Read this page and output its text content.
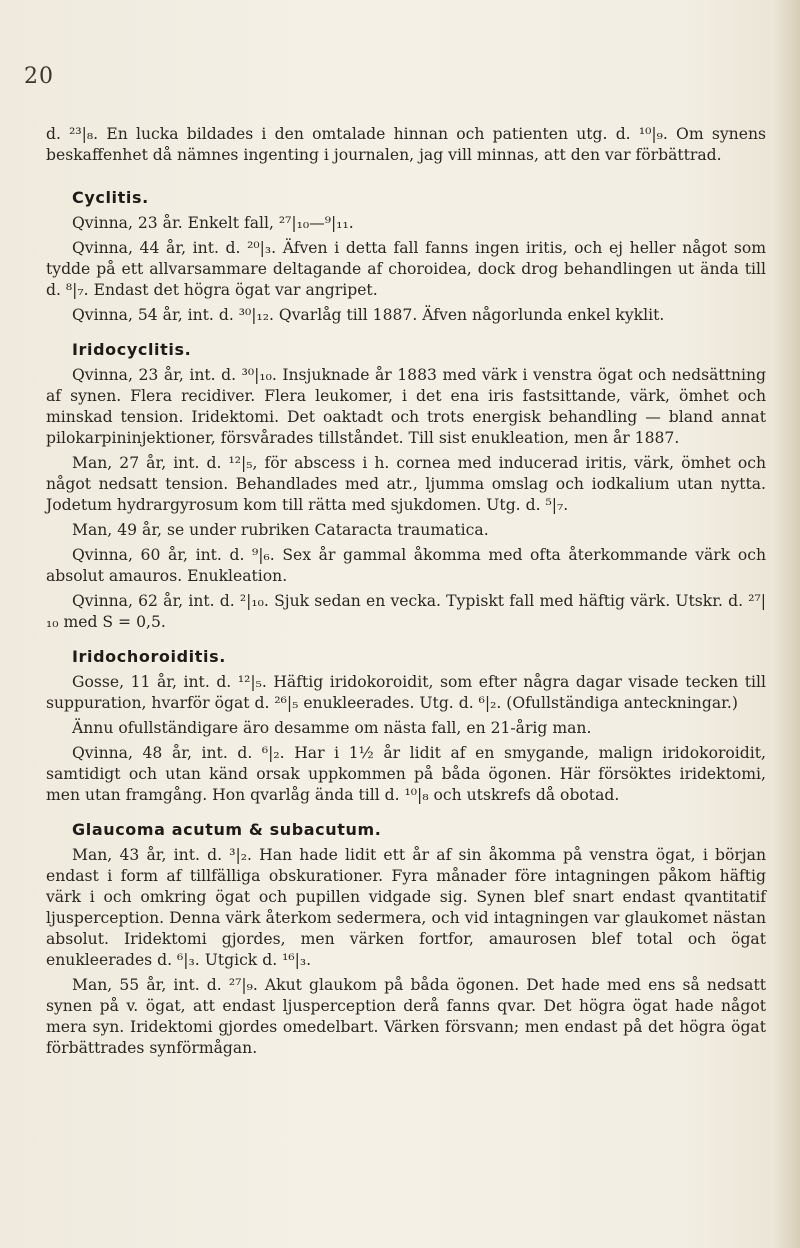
20

d. ²³|₈. En lucka bildades i den omtalade hinnan och patienten utg. d. ¹⁰|₉. Om synens beskaffenhet då nämnes ingenting i journalen, jag vill minnas, att den var förbättrad.

Cyclitis.

Qvinna, 23 år. Enkelt fall, ²⁷|₁₀—⁹|₁₁.

Qvinna, 44 år, int. d. ²⁰|₃. Äfven i detta fall fanns ingen iritis, och ej heller något som tydde på ett allvarsammare deltagande af choroidea, dock drog behandlingen ut ända till d. ⁸|₇. Endast det högra ögat var angripet.

Qvinna, 54 år, int. d. ³⁰|₁₂. Qvarlåg till 1887. Äfven någorlunda enkel kyklit.

Iridocyclitis.

Qvinna, 23 år, int. d. ³⁰|₁₀. Insjuknade år 1883 med värk i venstra ögat och nedsättning af synen. Flera recidiver. Flera leukomer, i det ena iris fastsittande, värk, ömhet och minskad tension. Iridektomi. Det oaktadt och trots energisk behandling — bland annat pilokarpininjektioner, försvårades tillståndet. Till sist enukleation, men år 1887.

Man, 27 år, int. d. ¹²|₅, för abscess i h. cornea med inducerad iritis, värk, ömhet och något nedsatt tension. Behandlades med atr., ljumma omslag och iodkalium utan nytta. Jodetum hydrargyrosum kom till rätta med sjukdomen. Utg. d. ⁵|₇.

Man, 49 år, se under rubriken Cataracta traumatica.

Qvinna, 60 år, int. d. ⁹|₆. Sex år gammal åkomma med ofta återkommande värk och absolut amauros. Enukleation.

Qvinna, 62 år, int. d. ²|₁₀. Sjuk sedan en vecka. Typiskt fall med häftig värk. Utskr. d. ²⁷|₁₀ med S = 0,5.

Iridochoroiditis.

Gosse, 11 år, int. d. ¹²|₅. Häftig iridokoroidit, som efter några dagar visade tecken till suppuration, hvarför ögat d. ²⁶|₅ enukleerades. Utg. d. ⁶|₂. (Ofullständiga anteckningar.)

Ännu ofullständigare äro desamme om nästa fall, en 21-årig man.

Qvinna, 48 år, int. d. ⁶|₂. Har i 1½ år lidit af en smygande, malign iridokoroidit, samtidigt och utan känd orsak uppkommen på båda ögonen. Här försöktes iridektomi, men utan framgång. Hon qvarlåg ända till d. ¹⁰|₈ och utskrefs då obotad.

Glaucoma acutum & subacutum.

Man, 43 år, int. d. ³|₂. Han hade lidit ett år af sin åkomma på venstra ögat, i början endast i form af tillfälliga obskurationer. Fyra månader före intagningen påkom häftig värk i och omkring ögat och pupillen vidgade sig. Synen blef snart endast qvantitatif ljusperception. Denna värk återkom sedermera, och vid intagningen var glaukomet nästan absolut. Iridektomi gjordes, men värken fortfor, amaurosen blef total och ögat enukleerades d. ⁶|₃. Utgick d. ¹⁶|₃.

Man, 55 år, int. d. ²⁷|₉. Akut glaukom på båda ögonen. Det hade med ens så nedsatt synen på v. ögat, att endast ljusperception derå fanns qvar. Det högra ögat hade något mera syn. Iridektomi gjordes omedelbart. Värken försvann; men endast på det högra ögat förbättrades synförmågan.
